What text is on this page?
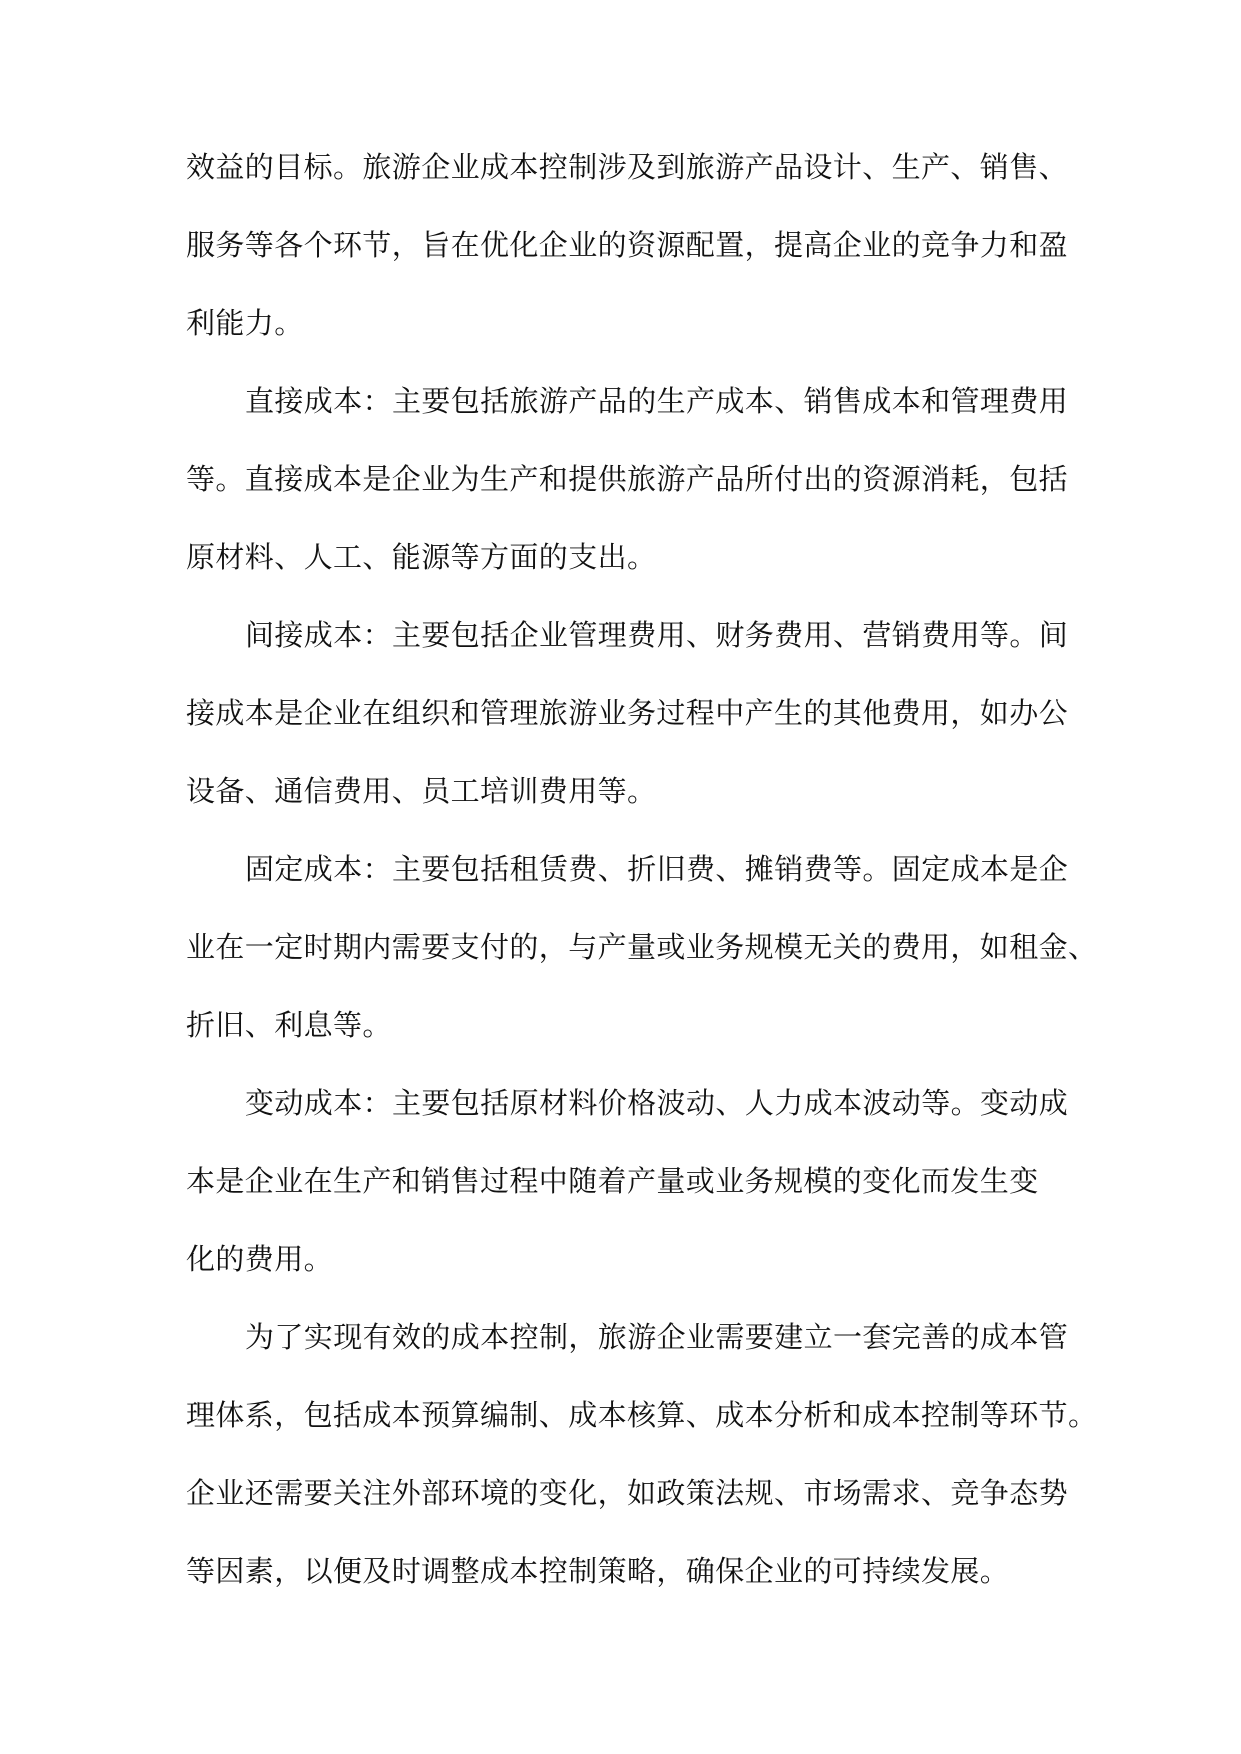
效益的目标。旅游企业成本控制涉及到旅游产品设计、生产、销售、

服务等各个环节，旨在优化企业的资源配置，提高企业的竞争力和盈

利能力。

直接成本：主要包括旅游产品的生产成本、销售成本和管理费用

等。直接成本是企业为生产和提供旅游产品所付出的资源消耗，包括

原材料、人工、能源等方面的支出。

间接成本：主要包括企业管理费用、财务费用、营销费用等。间

接成本是企业在组织和管理旅游业务过程中产生的其他费用，如办公

设备、通信费用、员工培训费用等。

固定成本：主要包括租赁费、折旧费、摊销费等。固定成本是企

业在一定时期内需要支付的，与产量或业务规模无关的费用，如租金、

折旧、利息等。

变动成本：主要包括原材料价格波动、人力成本波动等。变动成

本是企业在生产和销售过程中随着产量或业务规模的变化而发生变

化的费用。

为了实现有效的成本控制，旅游企业需要建立一套完善的成本管

理体系，包括成本预算编制、成本核算、成本分析和成本控制等环节。

企业还需要关注外部环境的变化，如政策法规、市场需求、竞争态势

等因素，以便及时调整成本控制策略，确保企业的可持续发展。
